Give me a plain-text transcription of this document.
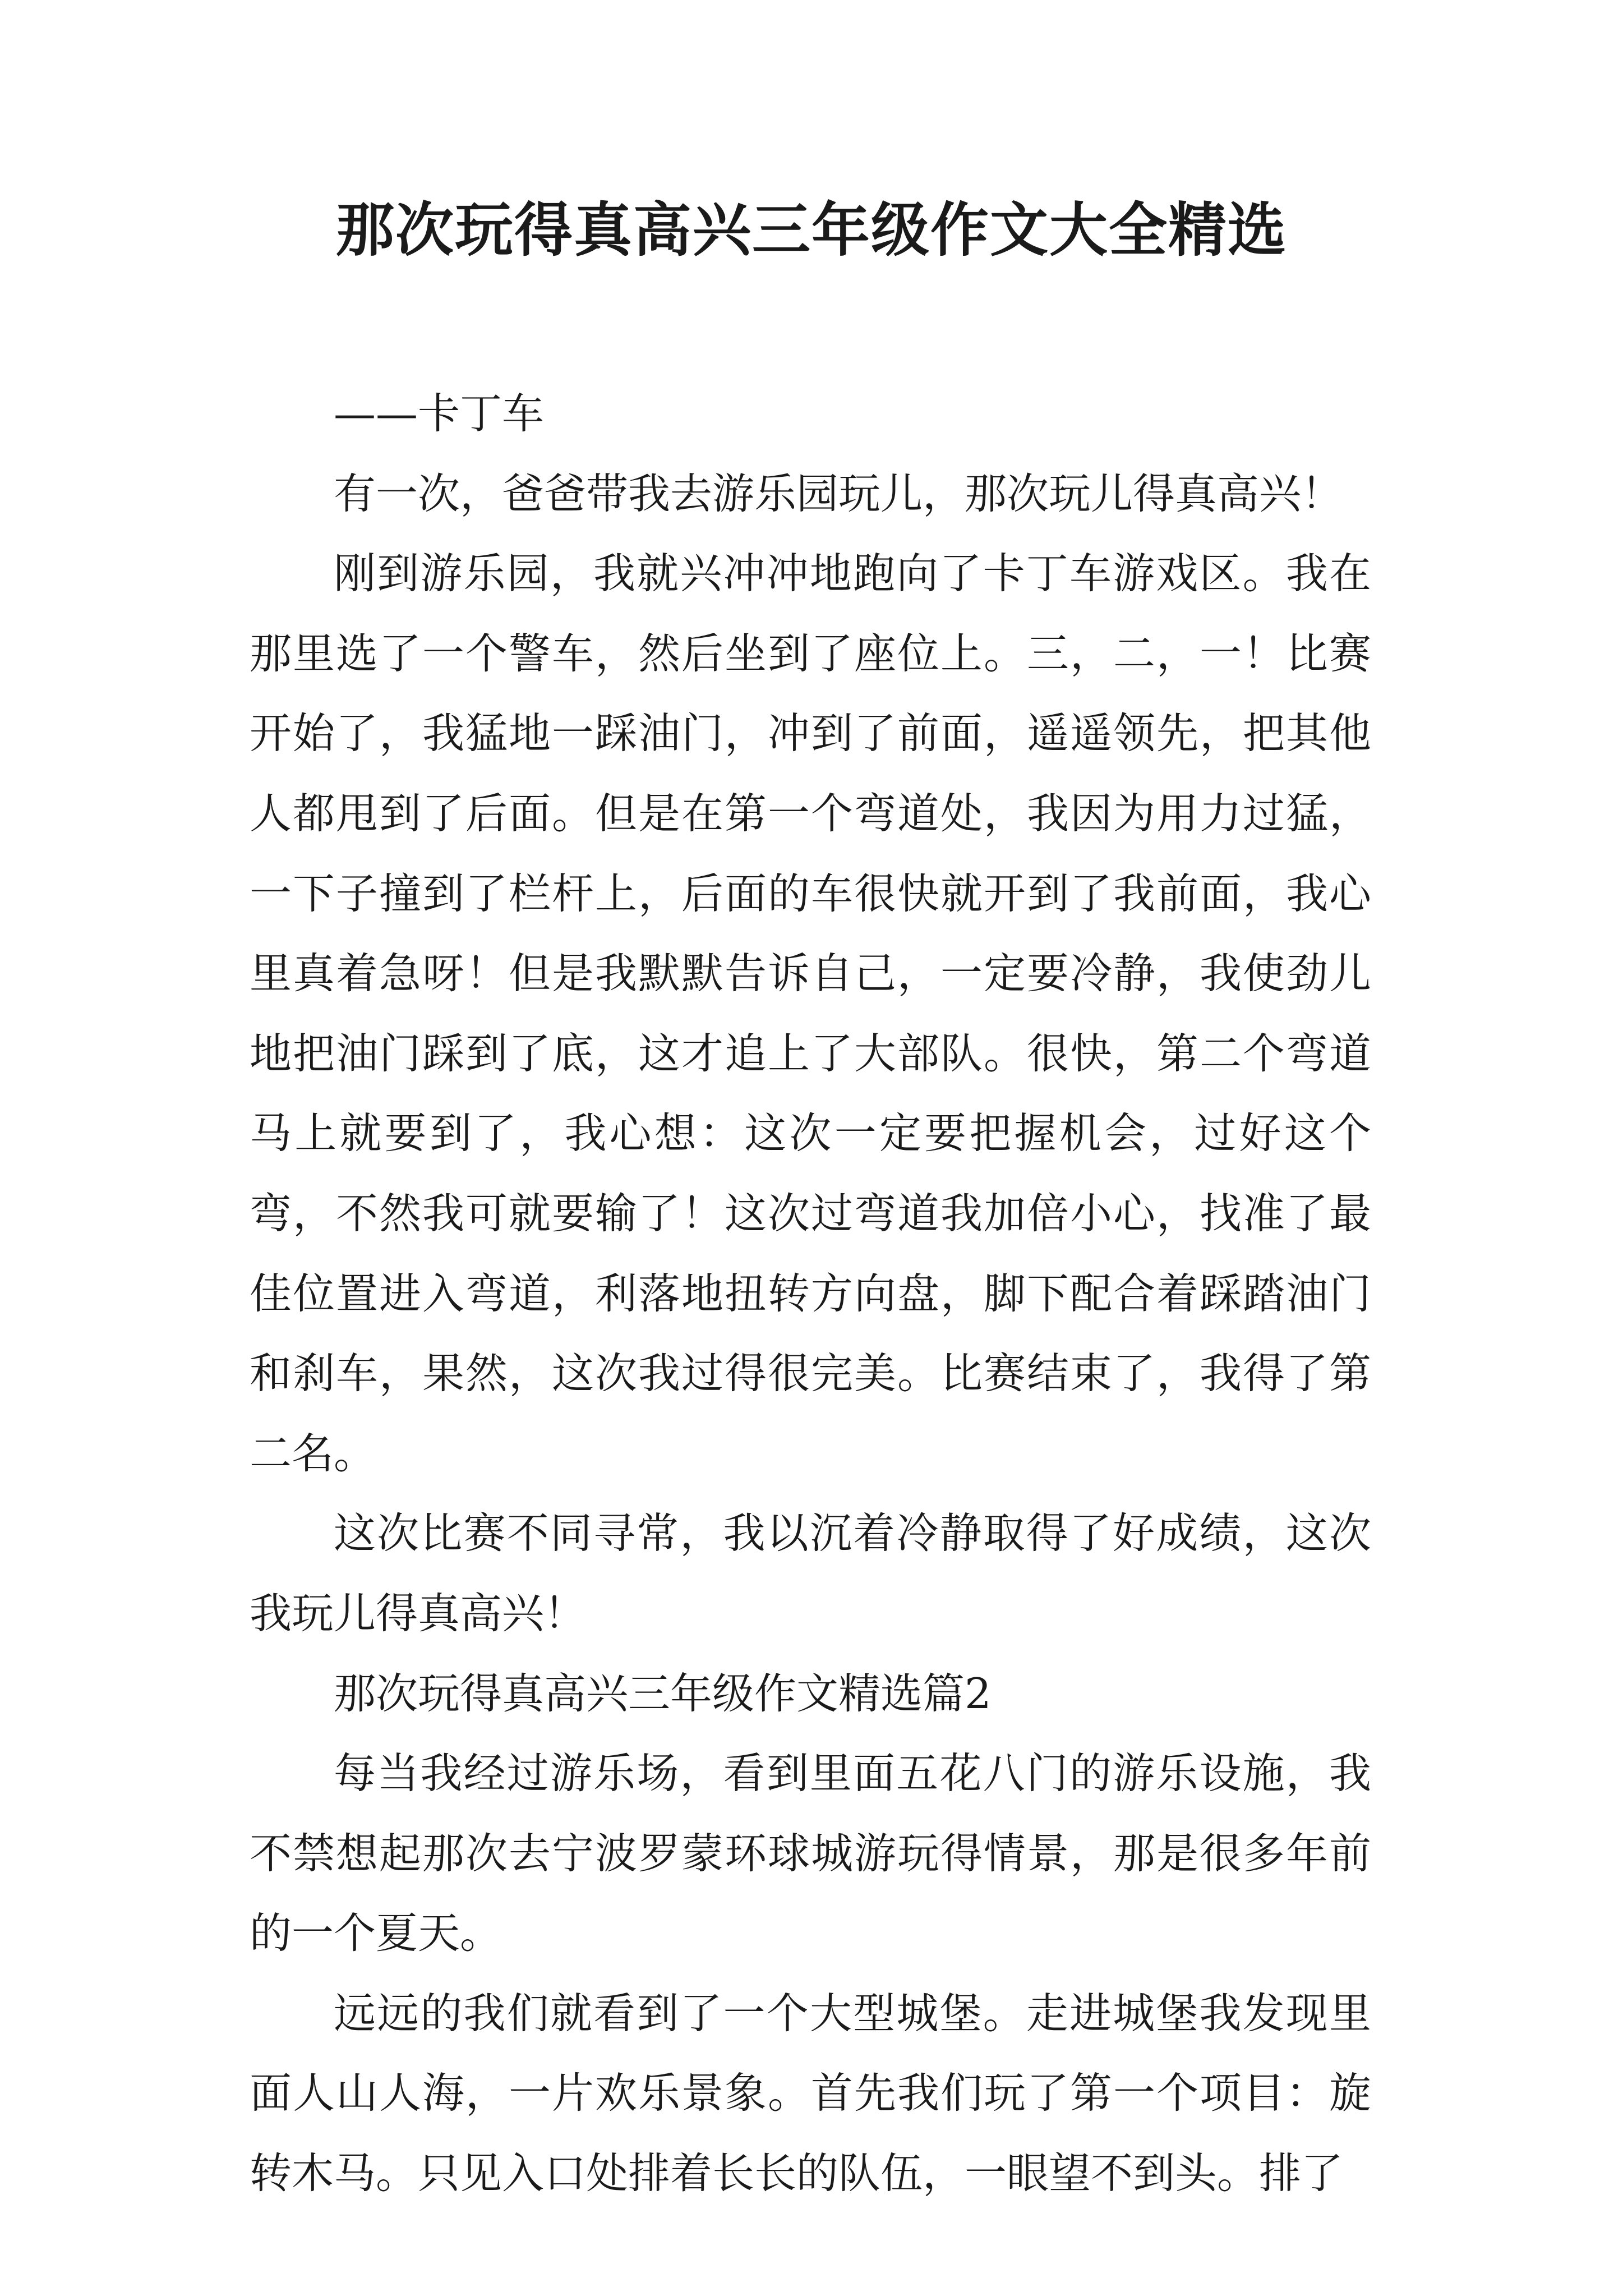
那次玩得真高兴三年级作文大全精选

——卡丁车

有一次，爸爸带我去游乐园玩儿，那次玩儿得真高兴！

刚到游乐园，我就兴冲冲地跑向了卡丁车游戏区。我在那里选了一个警车，然后坐到了座位上。三，二，一！比赛开始了，我猛地一踩油门，冲到了前面，遥遥领先，把其他人都甩到了后面。但是在第一个弯道处，我因为用力过猛，一下子撞到了栏杆上，后面的车很快就开到了我前面，我心里真着急呀！但是我默默告诉自己，一定要冷静，我使劲儿地把油门踩到了底，这才追上了大部队。很快，第二个弯道马上就要到了，我心想：这次一定要把握机会，过好这个弯，不然我可就要输了！这次过弯道我加倍小心，找准了最佳位置进入弯道，利落地扭转方向盘，脚下配合着踩踏油门和刹车，果然，这次我过得很完美。比赛结束了，我得了第二名。

这次比赛不同寻常，我以沉着冷静取得了好成绩，这次我玩儿得真高兴！

那次玩得真高兴三年级作文精选篇2

每当我经过游乐场，看到里面五花八门的游乐设施，我不禁想起那次去宁波罗蒙环球城游玩得情景，那是很多年前的一个夏天。

远远的我们就看到了一个大型城堡。走进城堡我发现里面人山人海，一片欢乐景象。首先我们玩了第一个项目：旋转木马。只见入口处排着长长的队伍，一眼望不到头。排了
